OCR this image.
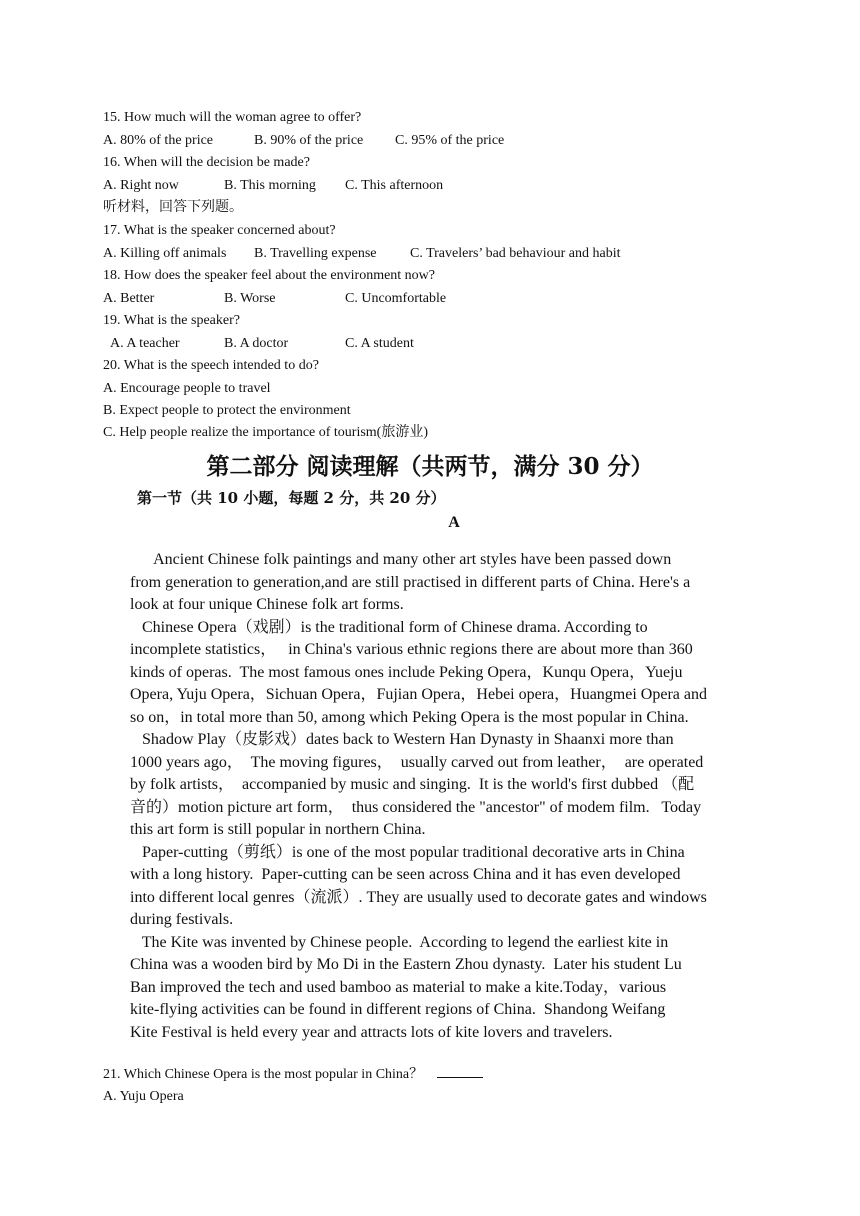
15. How much will the woman agree to offer?
A. 80% of the price	B. 90% of the price C. 95% of the price
16. When will the decision be made?
A. Right now	B. This morning C. This afternoon
听材料，回答下列题。
17. What is the speaker concerned about?
A. Killing off animals B. Travelling expense C. Travelers’ bad behaviour and habit
18. How does the speaker feel about the environment now?
A. Better	B. Worse	C. Uncomfortable
19. What is the speaker?
A. A teacher	B. A doctor	C. A student
20. What is the speech intended to do?
A. Encourage people to travel
B. Expect people to protect the environment
C. Help people realize the importance of tourism(旅游业)
第二部分 阅读理解（共两节，满分 30 分）
第一节（共 10 小题，每题 2 分，共 20 分）
A
Ancient Chinese folk paintings and many other art styles have been passed down
from generation to generation,and are still practised in different parts of China. Here's a
look at four unique Chinese folk art forms.
Chinese Opera（戏剧）is the traditional form of Chinese drama. According to
incomplete statistics，   in China's various ethnic regions there are about more than 360
kinds of operas.  The most famous ones include Peking Opera，Kunqu Opera，Yueju
Opera, Yuju Opera，Sichuan Opera，Fujian Opera，Hebei opera，Huangmei Opera and
so on，in total more than 50, among which Peking Opera is the most popular in China.
Shadow Play（皮影戏）dates back to Western Han Dynasty in Shaanxi more than
1000 years ago，  The moving figures，  usually carved out from leather，  are operated
by folk artists，  accompanied by music and singing.  It is the world's first dubbed （配
音的）motion picture art form，  thus considered the "ancestor" of modem film.   Today
this art form is still popular in northern China.
Paper-cutting（剪纸）is one of the most popular traditional decorative arts in China
with a long history.  Paper-cutting can be seen across China and it has even developed
into different local genres（流派）. They are usually used to decorate gates and windows
during festivals.
The Kite was invented by Chinese people.  According to legend the earliest kite in
China was a wooden bird by Mo Di in the Eastern Zhou dynasty.  Later his student Lu
Ban improved the tech and used bamboo as material to make a kite.Today，various
kite-flying activities can be found in different regions of China.  Shandong Weifang
Kite Festival is held every year and attracts lots of kite lovers and travelers.
21. Which Chinese Opera is the most popular in China？
A. Yuju Opera
